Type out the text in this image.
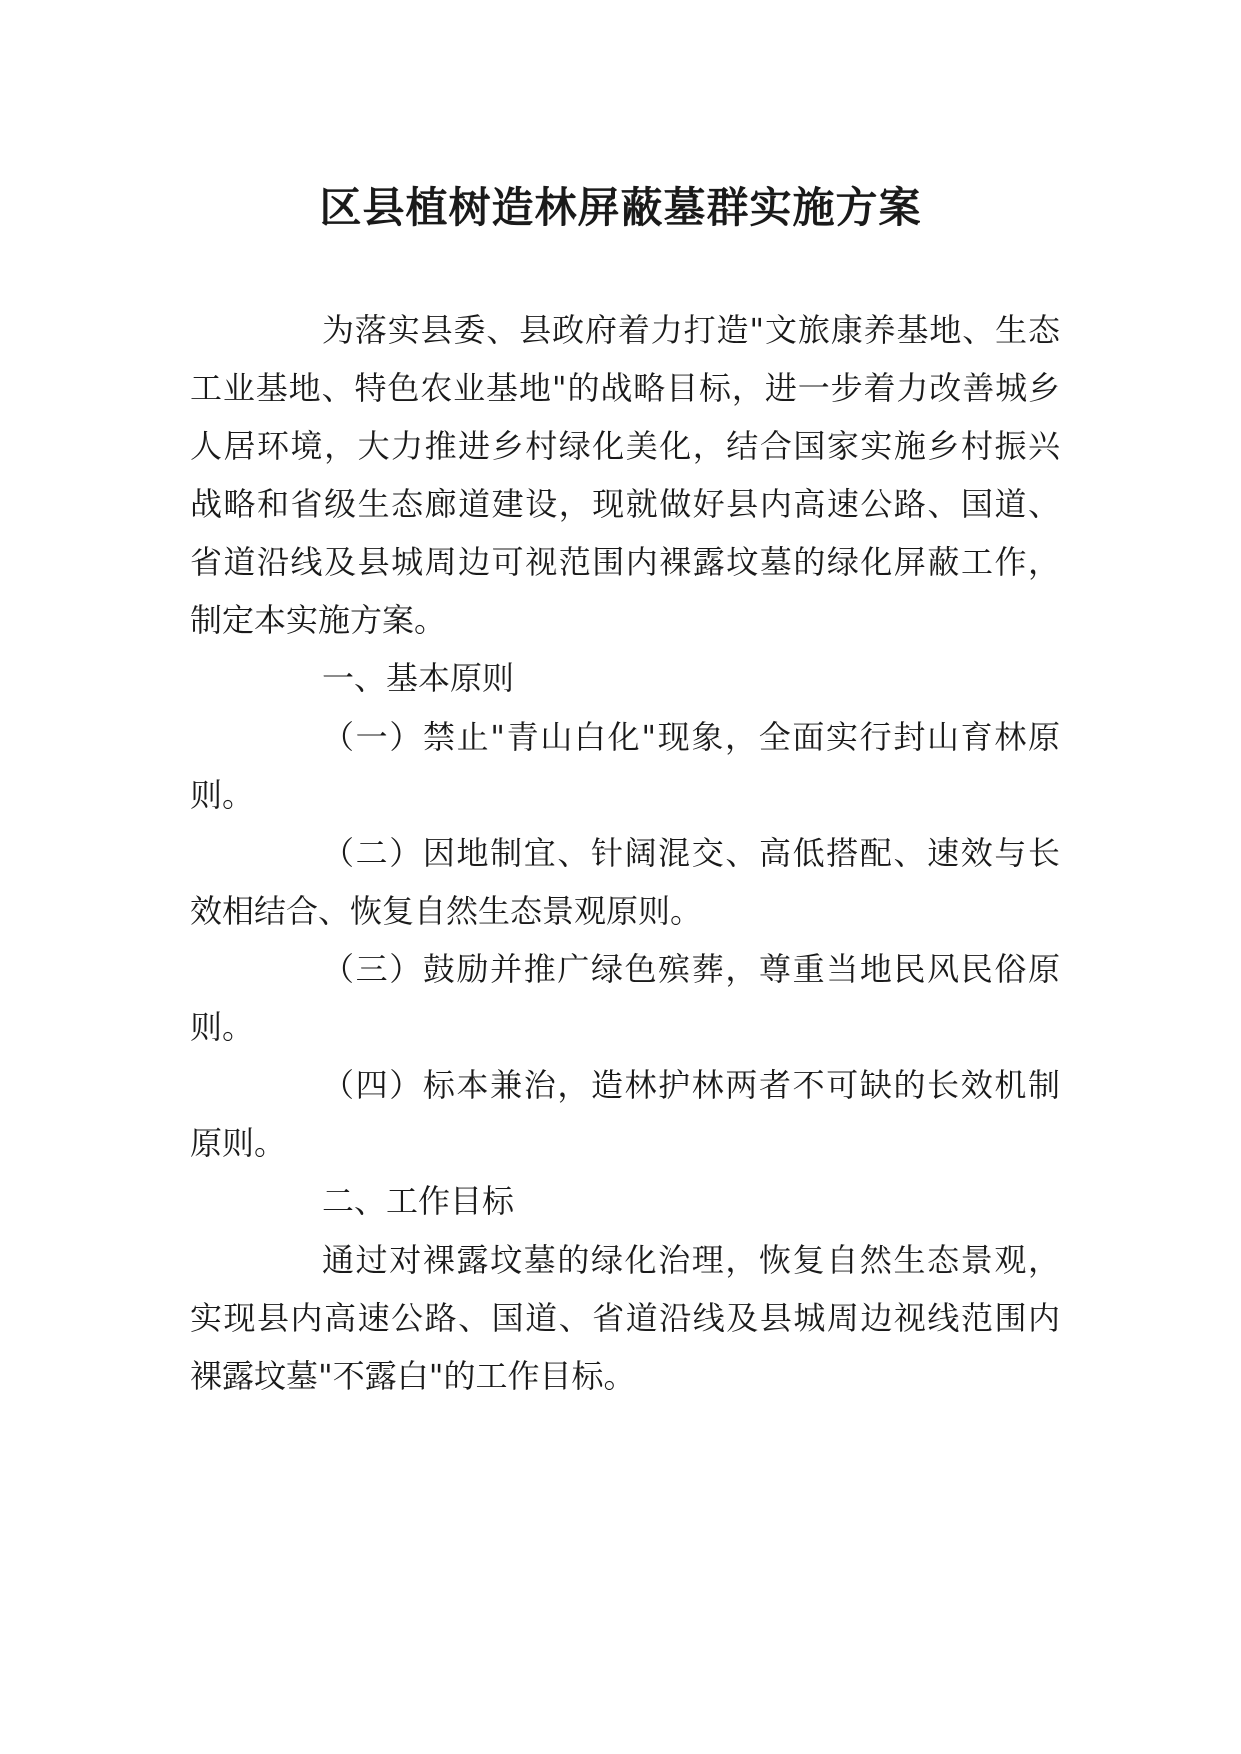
区县植树造林屏蔽墓群实施方案

为落实县委、县政府着力打造"文旅康养基地、生态

工业基地、特色农业基地"的战略目标，进一步着力改善城乡

人居环境，大力推进乡村绿化美化，结合国家实施乡村振兴

战略和省级生态廊道建设，现就做好县内高速公路、国道、

省道沿线及县城周边可视范围内裸露坟墓的绿化屏蔽工作，

制定本实施方案。

一、基本原则

（一）禁止"青山白化"现象，全面实行封山育林原

则。

（二）因地制宜、针阔混交、高低搭配、速效与长

效相结合、恢复自然生态景观原则。

（三）鼓励并推广绿色殡葬，尊重当地民风民俗原

则。

（四）标本兼治，造林护林两者不可缺的长效机制

原则。

二、工作目标

通过对裸露坟墓的绿化治理，恢复自然生态景观，

实现县内高速公路、国道、省道沿线及县城周边视线范围内

裸露坟墓"不露白"的工作目标。
